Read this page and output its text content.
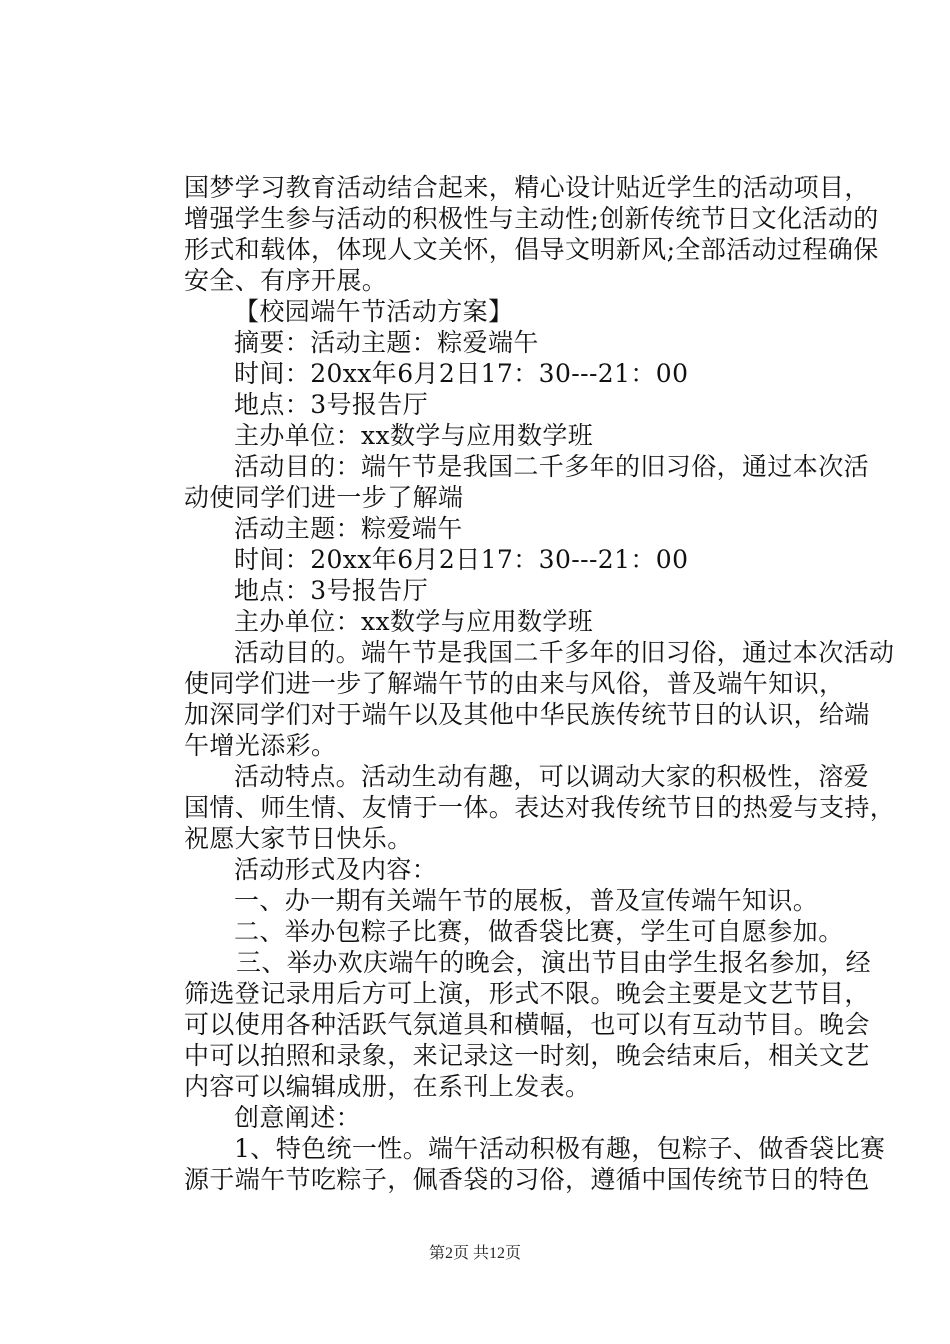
国梦学习教育活动结合起来，精心设计贴近学生的活动项目，
增强学生参与活动的积极性与主动性;创新传统节日文化活动的
形式和载体，体现人文关怀，倡导文明新风;全部活动过程确保
安全、有序开展。
【校园端午节活动方案】
摘要：活动主题：粽爱端午
时间：20xx年6月2日17：30---21：00
地点：3号报告厅
主办单位：xx数学与应用数学班
活动目的：端午节是我国二千多年的旧习俗，通过本次活
动使同学们进一步了解端
活动主题：粽爱端午
时间：20xx年6月2日17：30---21：00
地点：3号报告厅
主办单位：xx数学与应用数学班
活动目的。端午节是我国二千多年的旧习俗，通过本次活动
使同学们进一步了解端午节的由来与风俗，普及端午知识，
加深同学们对于端午以及其他中华民族传统节日的认识，给端
午增光添彩。
活动特点。活动生动有趣，可以调动大家的积极性，溶爱
国情、师生情、友情于一体。表达对我传统节日的热爱与支持，
祝愿大家节日快乐。
活动形式及内容：
一、办一期有关端午节的展板，普及宣传端午知识。
二、举办包粽子比赛，做香袋比赛，学生可自愿参加。
三、举办欢庆端午的晚会，演出节目由学生报名参加，经
筛选登记录用后方可上演，形式不限。晚会主要是文艺节目，
可以使用各种活跃气氛道具和横幅，也可以有互动节目。晚会
中可以拍照和录象，来记录这一时刻，晚会结束后，相关文艺
内容可以编辑成册，在系刊上发表。
创意阐述：
1、特色统一性。端午活动积极有趣，包粽子、做香袋比赛
源于端午节吃粽子，佩香袋的习俗，遵循中国传统节日的特色
第2页 共12页
